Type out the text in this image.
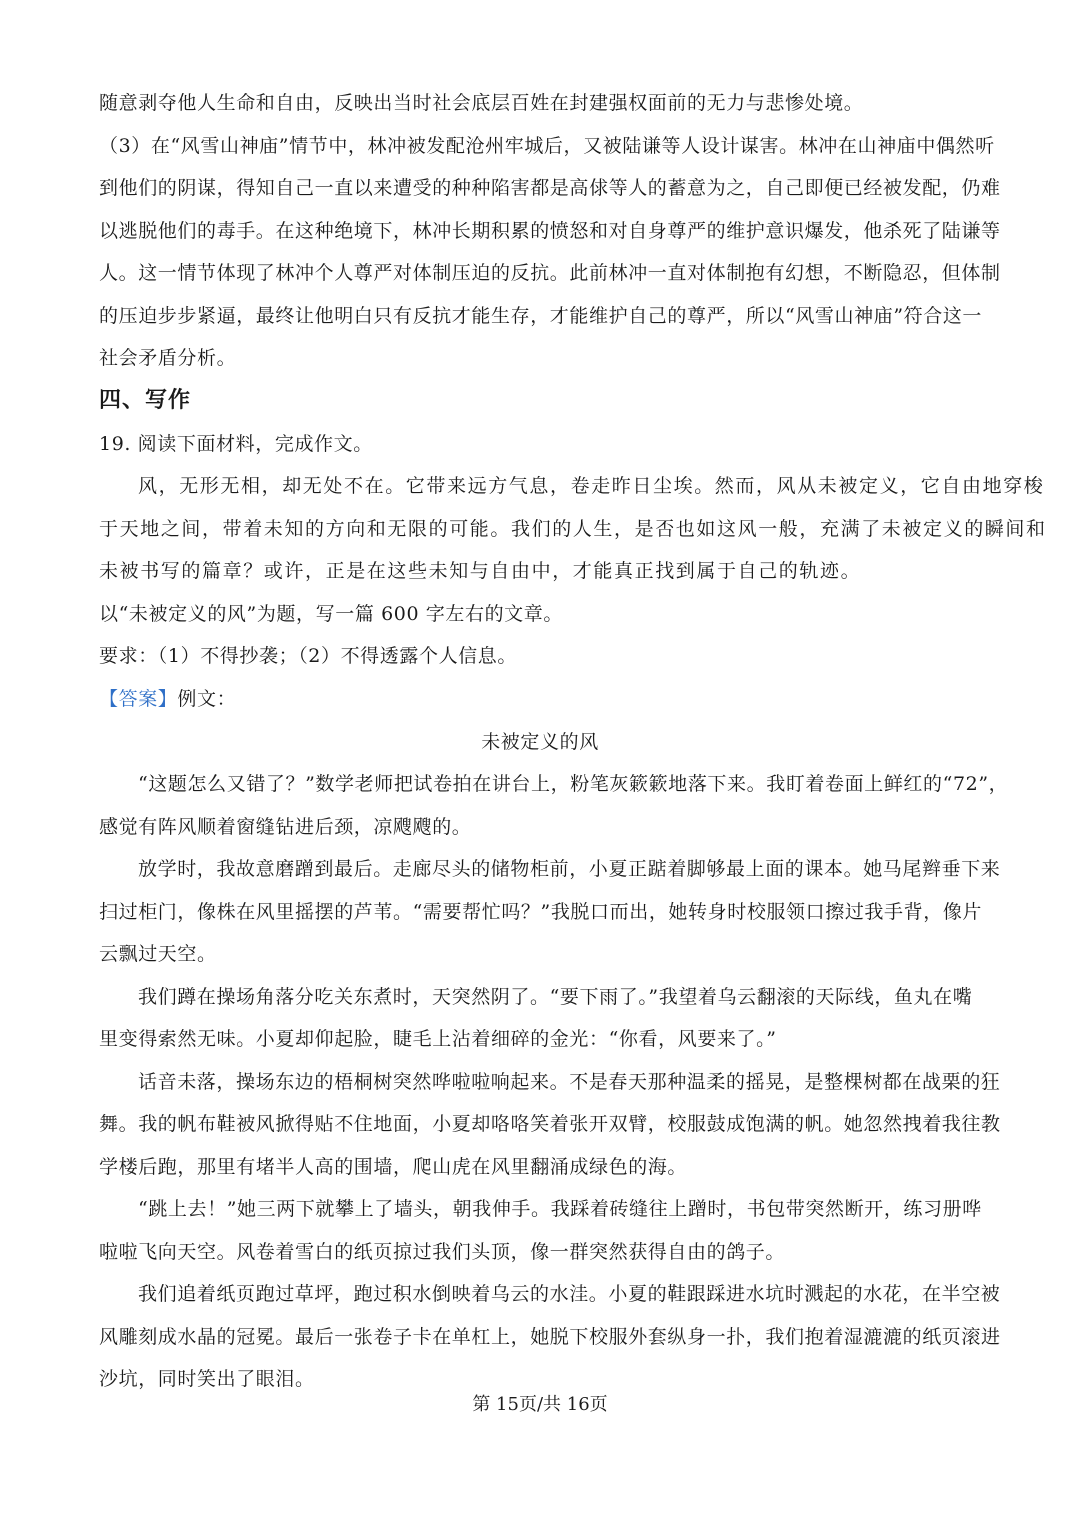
随意剥夺他人生命和自由，反映出当时社会底层百姓在封建强权面前的无力与悲惨处境。
（3）在“风雪山神庙”情节中，林冲被发配沧州牢城后，又被陆谦等人设计谋害。林冲在山神庙中偶然听
到他们的阴谋，得知自己一直以来遭受的种种陷害都是高俅等人的蓄意为之，自己即便已经被发配，仍难
以逃脱他们的毒手。在这种绝境下，林冲长期积累的愤怒和对自身尊严的维护意识爆发，他杀死了陆谦等
人。这一情节体现了林冲个人尊严对体制压迫的反抗。此前林冲一直对体制抱有幻想，不断隐忍，但体制
的压迫步步紧逼，最终让他明白只有反抗才能生存，才能维护自己的尊严，所以“风雪山神庙”符合这一
社会矛盾分析。
四、写作
19. 阅读下面材料，完成作文。
风，无形无相，却无处不在。它带来远方气息，卷走昨日尘埃。然而，风从未被定义，它自由地穿梭
于天地之间，带着未知的方向和无限的可能。我们的人生，是否也如这风一般，充满了未被定义的瞬间和
未被书写的篇章？或许，正是在这些未知与自由中，才能真正找到属于自己的轨迹。
以“未被定义的风”为题，写一篇 600 字左右的文章。
要求：（1）不得抄袭；（2）不得透露个人信息。
【答案】例文：
未被定义的风
“这题怎么又错了？”数学老师把试卷拍在讲台上，粉笔灰簌簌地落下来。我盯着卷面上鲜红的“72”，
感觉有阵风顺着窗缝钻进后颈，凉飕飕的。
放学时，我故意磨蹭到最后。走廊尽头的储物柜前，小夏正踮着脚够最上面的课本。她马尾辫垂下来
扫过柜门，像株在风里摇摆的芦苇。“需要帮忙吗？”我脱口而出，她转身时校服领口擦过我手背，像片
云飘过天空。
我们蹲在操场角落分吃关东煮时，天突然阴了。“要下雨了。”我望着乌云翻滚的天际线，鱼丸在嘴
里变得索然无味。小夏却仰起脸，睫毛上沾着细碎的金光：“你看，风要来了。”
话音未落，操场东边的梧桐树突然哗啦啦响起来。不是春天那种温柔的摇晃，是整棵树都在战栗的狂
舞。我的帆布鞋被风掀得贴不住地面，小夏却咯咯笑着张开双臂，校服鼓成饱满的帆。她忽然拽着我往教
学楼后跑，那里有堵半人高的围墙，爬山虎在风里翻涌成绿色的海。
“跳上去！”她三两下就攀上了墙头，朝我伸手。我踩着砖缝往上蹭时，书包带突然断开，练习册哗
啦啦飞向天空。风卷着雪白的纸页掠过我们头顶，像一群突然获得自由的鸽子。
我们追着纸页跑过草坪，跑过积水倒映着乌云的水洼。小夏的鞋跟踩进水坑时溅起的水花，在半空被
风雕刻成水晶的冠冕。最后一张卷子卡在单杠上，她脱下校服外套纵身一扑，我们抱着湿漉漉的纸页滚进
沙坑，同时笑出了眼泪。
第 15页/共 16页
